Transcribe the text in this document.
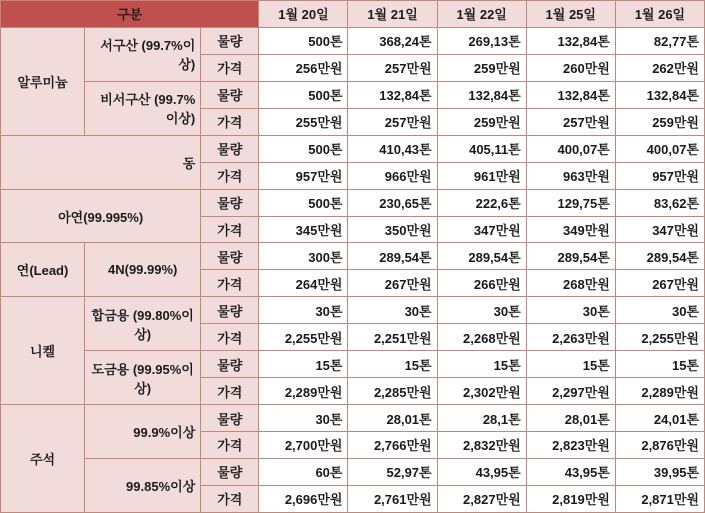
구분			1월 20일	1월 21일	1월 22일	1월 25일	1월 26일
알루미늄	서구산 (99.7%이상)	물량	500톤	368,24톤	269,13톤	132,84톤	82,77톤
		가격	256만원	257만원	259만원	260만원	262만원
	비서구산 (99.7%이상)	물량	500톤	132,84톤	132,84톤	132,84톤	132,84톤
		가격	255만원	257만원	259만원	257만원	259만원
동		물량	500톤	410,43톤	405,11톤	400,07톤	400,07톤
		가격	957만원	966만원	961만원	963만원	957만원
아연(99.995%)		물량	500톤	230,65톤	222,6톤	129,75톤	83,62톤
		가격	345만원	350만원	347만원	349만원	347만원
연(Lead)	4N(99.99%)	물량	300톤	289,54톤	289,54톤	289,54톤	289,54톤
		가격	264만원	267만원	266만원	268만원	267만원
니켈	합금용 (99.80%이상)	물량	30톤	30톤	30톤	30톤	30톤
		가격	2,255만원	2,251만원	2,268만원	2,263만원	2,255만원
	도금용 (99.95%이상)	물량	15톤	15톤	15톤	15톤	15톤
		가격	2,289만원	2,285만원	2,302만원	2,297만원	2,289만원
주석	99.9%이상	물량	30톤	28,01톤	28,1톤	28,01톤	24,01톤
		가격	2,700만원	2,766만원	2,832만원	2,823만원	2,876만원
	99.85%이상	물량	60톤	52,97톤	43,95톤	43,95톤	39,95톤
		가격	2,696만원	2,761만원	2,827만원	2,819만원	2,871만원
